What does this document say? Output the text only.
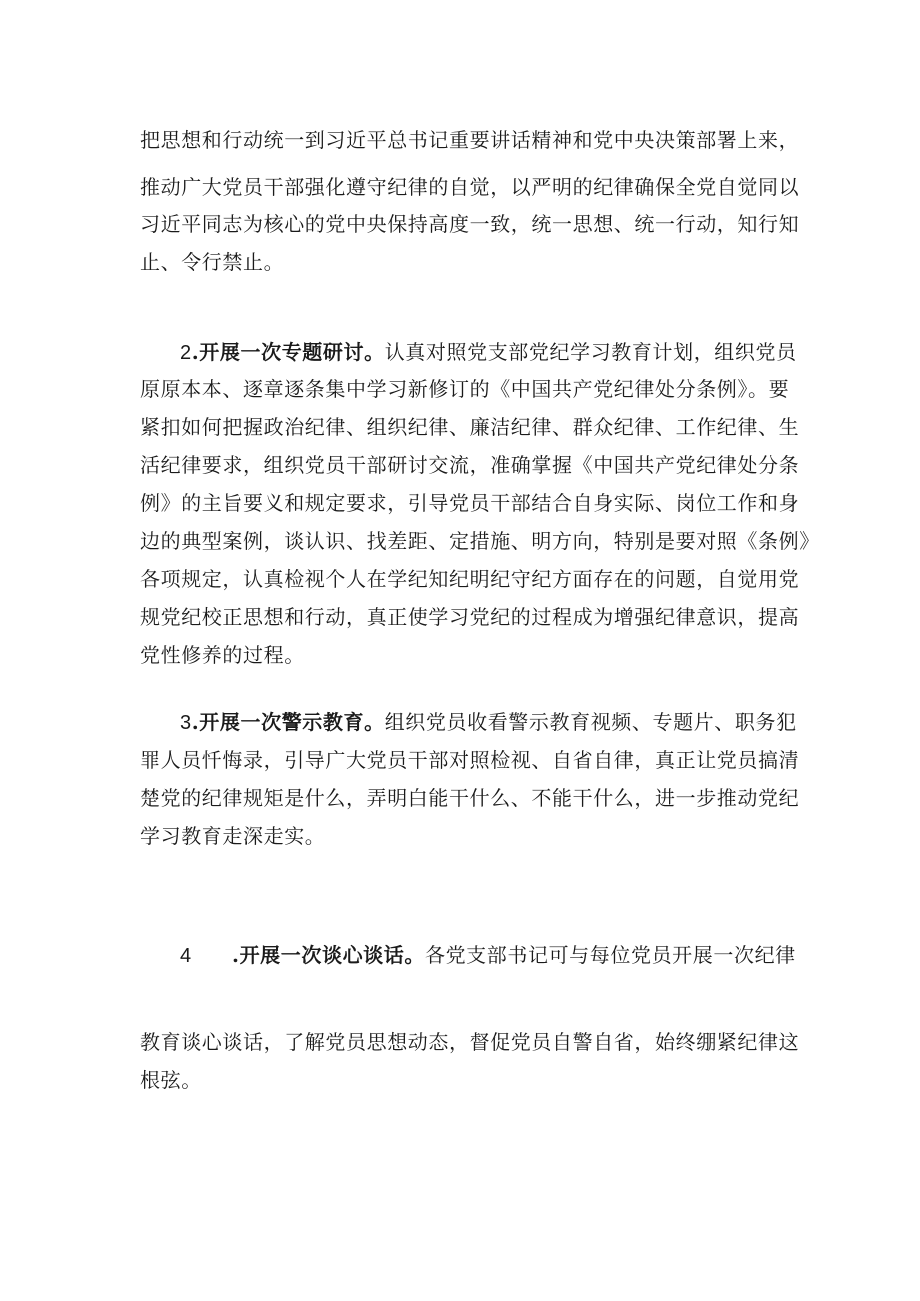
把思想和行动统一到习近平总书记重要讲话精神和党中央决策部署上来，
推动广大党员干部强化遵守纪律的自觉，以严明的纪律确保全党自觉同以
习近平同志为核心的党中央保持高度一致，统一思想、统一行动，知行知
止、令行禁止。
2.开展一次专题研讨。认真对照党支部党纪学习教育计划，组织党员
原原本本、逐章逐条集中学习新修订的《中国共产党纪律处分条例》。要
紧扣如何把握政治纪律、组织纪律、廉洁纪律、群众纪律、工作纪律、生
活纪律要求，组织党员干部研讨交流，准确掌握《中国共产党纪律处分条
例》的主旨要义和规定要求，引导党员干部结合自身实际、岗位工作和身
边的典型案例，谈认识、找差距、定措施、明方向，特别是要对照《条例》
各项规定，认真检视个人在学纪知纪明纪守纪方面存在的问题，自觉用党
规党纪校正思想和行动，真正使学习党纪的过程成为增强纪律意识，提高
党性修养的过程。
3.开展一次警示教育。组织党员收看警示教育视频、专题片、职务犯
罪人员忏悔录，引导广大党员干部对照检视、自省自律，真正让党员搞清
楚党的纪律规矩是什么，弄明白能干什么、不能干什么，进一步推动党纪
学习教育走深走实。
4 .开展一次谈心谈话。各党支部书记可与每位党员开展一次纪律
教育谈心谈话，了解党员思想动态，督促党员自警自省，始终绷紧纪律这
根弦。
